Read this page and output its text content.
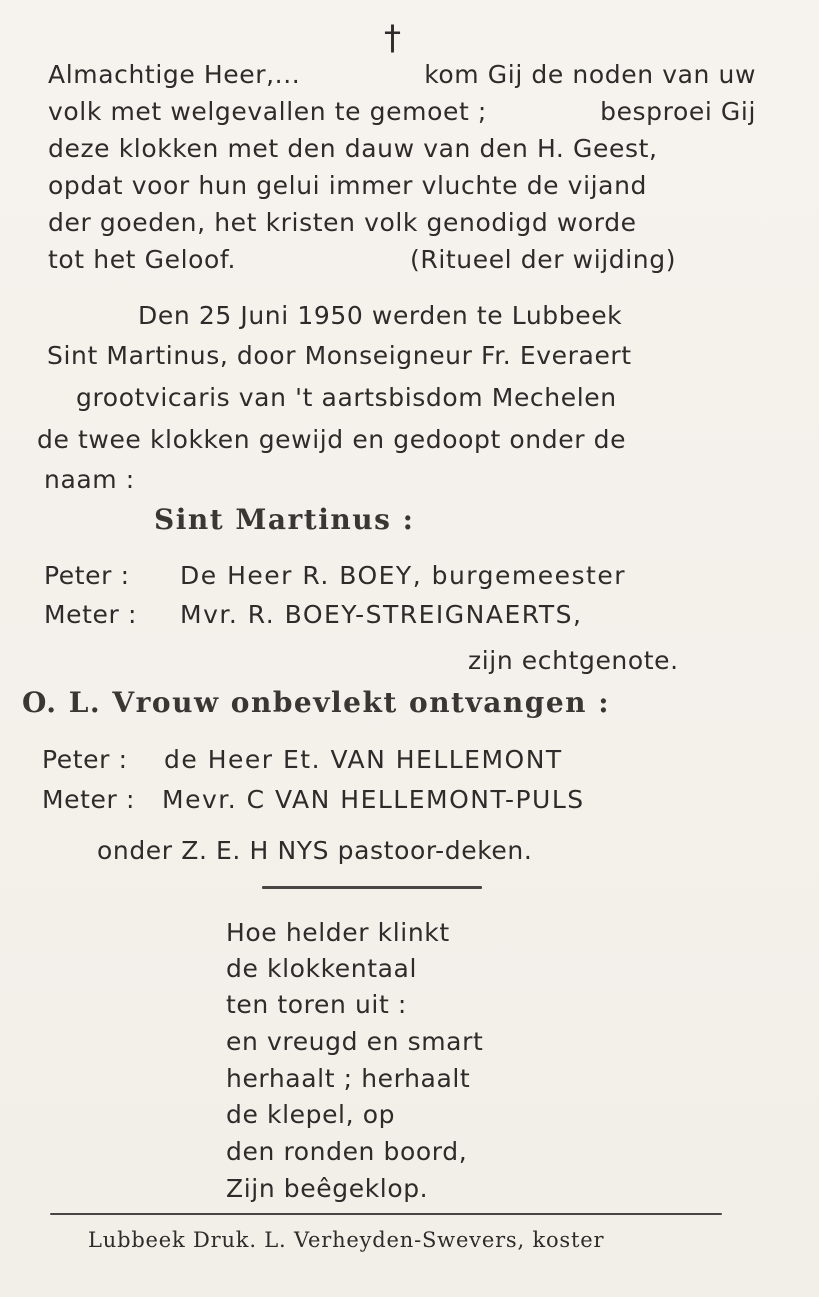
†
Almachtige Heer,...	kom Gij de noden van uw
volk met welgevallen te gemoet ;	besproei Gij
deze klokken met den dauw van den H. Geest,
opdat voor hun gelui immer vluchte de vijand
der goeden, het kristen volk genodigd worde
tot het Geloof.	(Ritueel der wijding)
Den 25 Juni 1950 werden te Lubbeek
Sint Martinus, door Monseigneur Fr. Everaert
grootvicaris van 't aartsbisdom Mechelen
de twee klokken gewijd en gedoopt onder de
naam :
Sint Martinus :
Peter : De Heer R. BOEY, burgemeester
Meter : Mvr. R. BOEY-STREIGNAERTS,
zijn echtgenote.
O. L. Vrouw onbevlekt ontvangen :
Peter : de Heer Et. VAN HELLEMONT
Meter : Mevr. C VAN HELLEMONT-PULS
onder Z. E. H NYS pastoor-deken.
Hoe helder klinkt
de klokkentaal
ten toren uit :
en vreugd en smart
herhaalt ; herhaalt
de klepel, op
den ronden boord,
Zijn beêgeklop.
Lubbeek Druk. L. Verheyden-Swevers, koster
